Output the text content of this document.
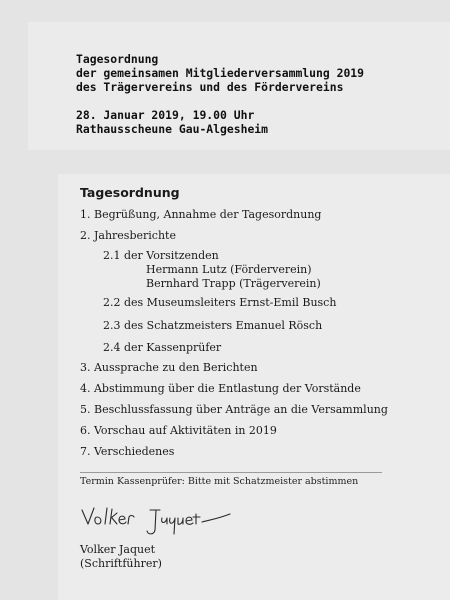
Tagesordnung
der gemeinsamen Mitgliederversammlung 2019
des Trägervereins und des Fördervereins
28. Januar 2019, 19.00 Uhr
Rathausscheune Gau-Algesheim
Tagesordnung
1. Begrüßung, Annahme der Tagesordnung
2. Jahresberichte
2.1 der Vorsitzenden
Hermann Lutz (Förderverein)
Bernhard Trapp (Trägerverein)
2.2 des Museumsleiters Ernst-Emil Busch
2.3 des Schatzmeisters Emanuel Rösch
2.4 der Kassenprüfer
3. Aussprache zu den Berichten
4. Abstimmung über die Entlastung der Vorstände
5. Beschlussfassung über Anträge an die Versammlung
6. Vorschau auf Aktivitäten in 2019
7. Verschiedenes
Termin Kassenprüfer: Bitte mit Schatzmeister abstimmen
Volker Jaquet
(Schriftführer)
